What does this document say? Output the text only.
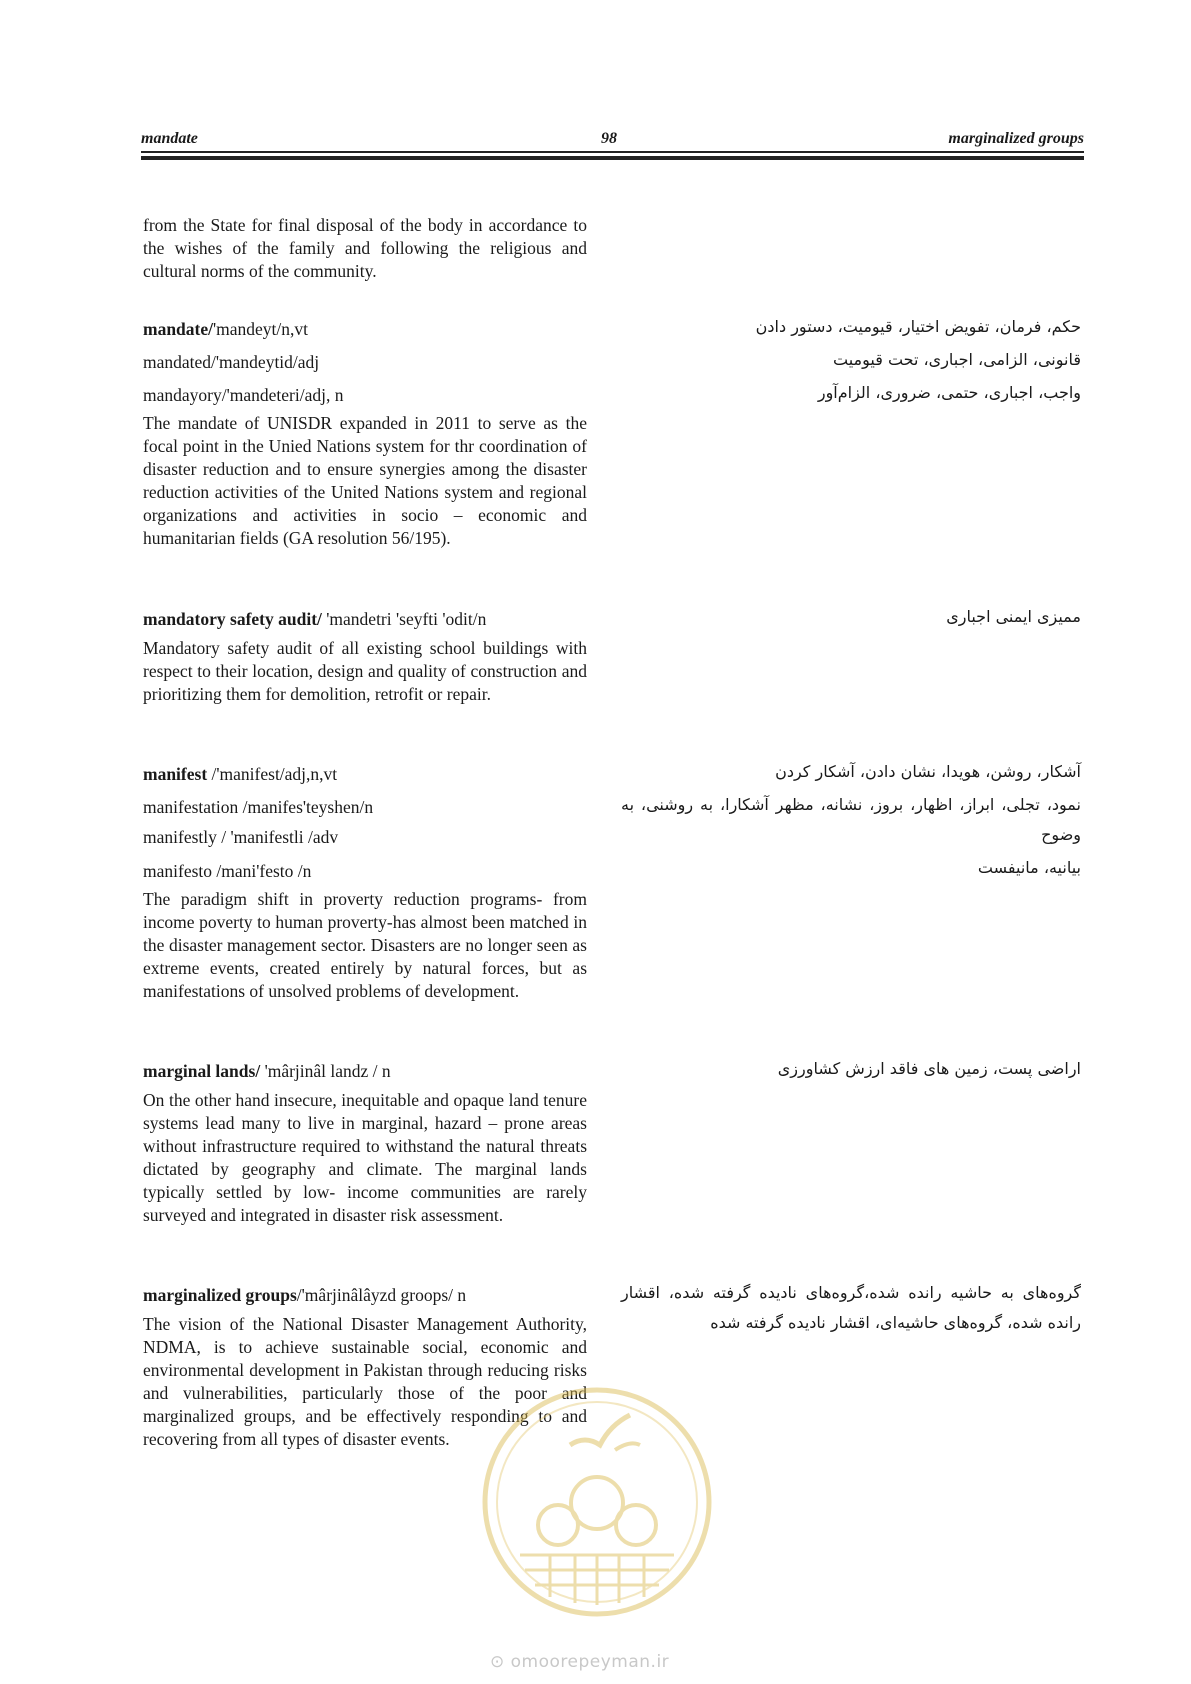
mandate	98	marginalized groups
from the State for final disposal of the body in accordance to the wishes of the family and following the religious and cultural norms of the community.
mandate/'mandeyt/n,vt
mandated/'mandeytid/adj
mandayory/'mandeteri/adj, n
The mandate of UNISDR expanded in 2011 to serve as the focal point in the Unied Nations system for thr coordination of disaster reduction and to ensure synergies among the disaster reduction activities of the United Nations system and regional organizations and activities in socio – economic and humanitarian fields (GA resolution 56/195).
حکم، فرمان، تفویض اختیار، قیومیت، دستور دادن
قانونی، الزامی، اجباری، تحت قیومیت
واجب، اجباری، حتمی، ضروری، الزام‌آور
mandatory safety audit/ 'mandetri 'seyfti 'odit/n
Mandatory safety audit of all existing school buildings with respect to their location, design and quality of construction and prioritizing them for demolition, retrofit or repair.
ممیزی ایمنی اجباری
manifest /'manifest/adj,n,vt
manifestation /manifes'teyshen/n
manifestly / 'manifestli /adv
manifesto /mani'festo /n
The paradigm shift in proverty reduction programs- from income poverty to human proverty-has almost been matched in the disaster management sector. Disasters are no longer seen as extreme events, created entirely by natural forces, but as manifestations of unsolved problems of development.
آشکار، روشن، هویدا، نشان دادن، آشکار کردن
نمود، تجلی، ابراز، اظهار، بروز، نشانه، مظهر آشکارا، به روشنی، به وضوح
بیانیه، مانیفست
marginal lands/ 'mârjinâl landz / n
On the other hand insecure, inequitable and opaque land tenure systems lead many to live in marginal, hazard – prone areas without infrastructure required to withstand the natural threats dictated by geography and climate. The marginal lands typically settled by low- income communities are rarely surveyed and integrated in disaster risk assessment.
اراضی پست، زمین های فاقد ارزش کشاورزی
marginalized groups/'mârjinâlâyzd groops/ n
The vision of the National Disaster Management Authority, NDMA, is to achieve sustainable social, economic and environmental development in Pakistan through reducing risks and vulnerabilities, particularly those of the poor and marginalized groups, and be effectively responding to and recovering from all types of disaster events.
گروه‌های به حاشیه رانده شده،گروه‌های نادیده گرفته شده، اقشار رانده شده، گروه‌های حاشیه‌ای، اقشار نادیده گرفته شده
⊙ omoorepeyman.ir
